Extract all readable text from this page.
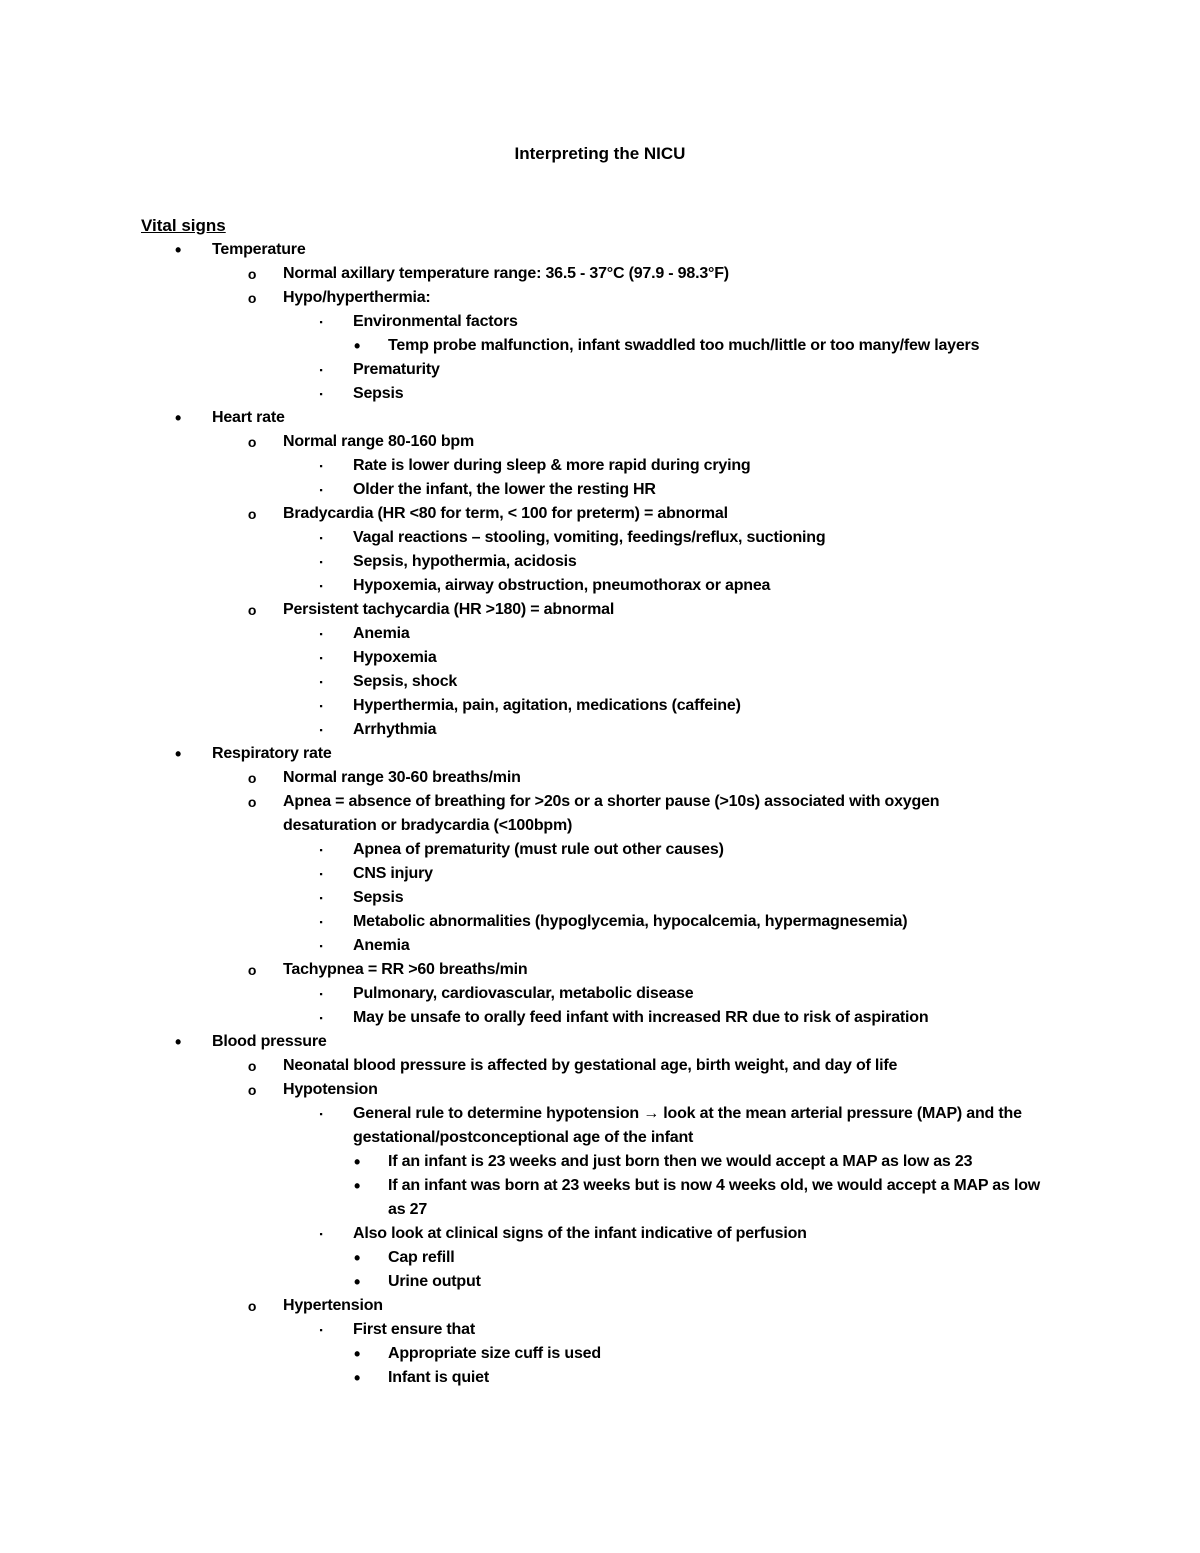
Interpreting the NICU
Vital signs
•	Temperature
o	Normal axillary temperature range: 36.5 - 37°C (97.9 - 98.3°F)
o	Hypo/hyperthermia:
▪	Environmental factors
•	Temp probe malfunction, infant swaddled too much/little or too many/few layers
▪	Prematurity
▪	Sepsis
•	Heart rate
o	Normal range 80-160 bpm
▪	Rate is lower during sleep & more rapid during crying
▪	Older the infant, the lower the resting HR
o	Bradycardia (HR <80 for term, < 100 for preterm) = abnormal
▪	Vagal reactions – stooling, vomiting, feedings/reflux, suctioning
▪	Sepsis, hypothermia, acidosis
▪	Hypoxemia, airway obstruction, pneumothorax or apnea
o	Persistent tachycardia (HR >180) = abnormal
▪	Anemia
▪	Hypoxemia
▪	Sepsis, shock
▪	Hyperthermia, pain, agitation, medications (caffeine)
▪	Arrhythmia
•	Respiratory rate
o	Normal range 30-60 breaths/min
o	Apnea = absence of breathing for >20s or a shorter pause (>10s) associated with oxygen desaturation or bradycardia (<100bpm)
▪	Apnea of prematurity (must rule out other causes)
▪	CNS injury
▪	Sepsis
▪	Metabolic abnormalities (hypoglycemia, hypocalcemia, hypermagnesemia)
▪	Anemia
o	Tachypnea = RR >60 breaths/min
▪	Pulmonary, cardiovascular, metabolic disease
▪	May be unsafe to orally feed infant with increased RR due to risk of aspiration
•	Blood pressure
o	Neonatal blood pressure is affected by gestational age, birth weight, and day of life
o	Hypotension
▪	General rule to determine hypotension → look at the mean arterial pressure (MAP) and the gestational/postconceptional age of the infant
•	If an infant is 23 weeks and just born then we would accept a MAP as low as 23
•	If an infant was born at 23 weeks but is now 4 weeks old, we would accept a MAP as low as 27
▪	Also look at clinical signs of the infant indicative of perfusion
•	Cap refill
•	Urine output
o	Hypertension
▪	First ensure that
•	Appropriate size cuff is used
•	Infant is quiet
